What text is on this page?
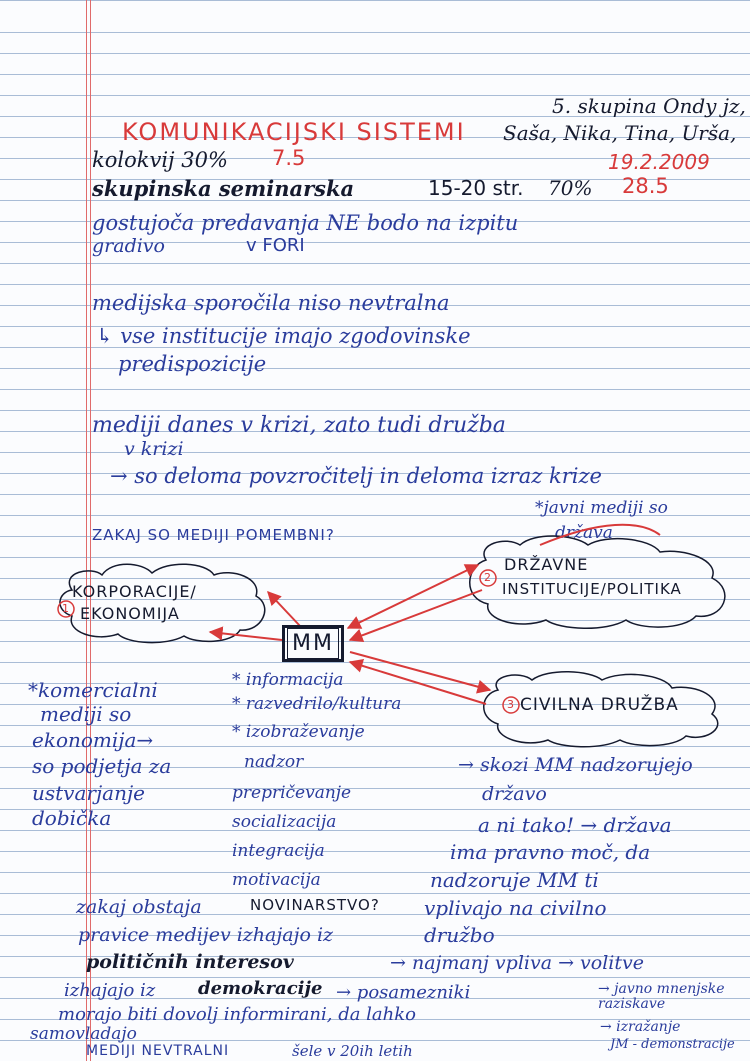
KOMUNIKACIJSKI SISTEMI
5. skupina Ondy jz,
Saša, Nika, Tina, Urša,
19.2.2009
kolokvij 30% 7.5
skupinska seminarska	15-20 str. 70% 28.5
gostujoča predavanja NE bodo na izpitu
gradivo	v FORI
medijska sporočila niso nevtralna
↳ vse institucije imajo zgodovinske
predispozicije
mediji danes v krizi, zato tudi družba
v krizi
→ so deloma povzročitelj in deloma izraz krize
ZAKAJ SO MEDIJI POMEMBNI?
*javni mediji so
država
KORPORACIJE/
EKONOMIJA
1
DRŽAVNE
INSTITUCIJE/POLITIKA
2
CIVILNA DRUŽBA
3
MM
*komercialni
mediji so
ekonomija→
so podjetja za
ustvarjanje
dobička
* informacija
* razvedrilo/kultura
* izobraževanje
nadzor
prepričevanje
socializacija
integracija
motivacija
→ skozi MM nadzorujejo
državo
a ni tako! → država
ima pravno moč, da
nadzoruje MM ti
vplivajo na civilno
družbo
→ najmanj vpliva → volitve
zakaj obstaja	NOVINARSTVO?
pravice medijev izhajajo iz
političnih interesov
izhajajo iz demokracije → posamezniki
morajo biti dovolj informirani, da lahko
samovladajo
MEDIJI NEVTRALNI	šele v 20ih letih
→ javno mnenjske raziskave
→ izražanje
JM - demonstracije
